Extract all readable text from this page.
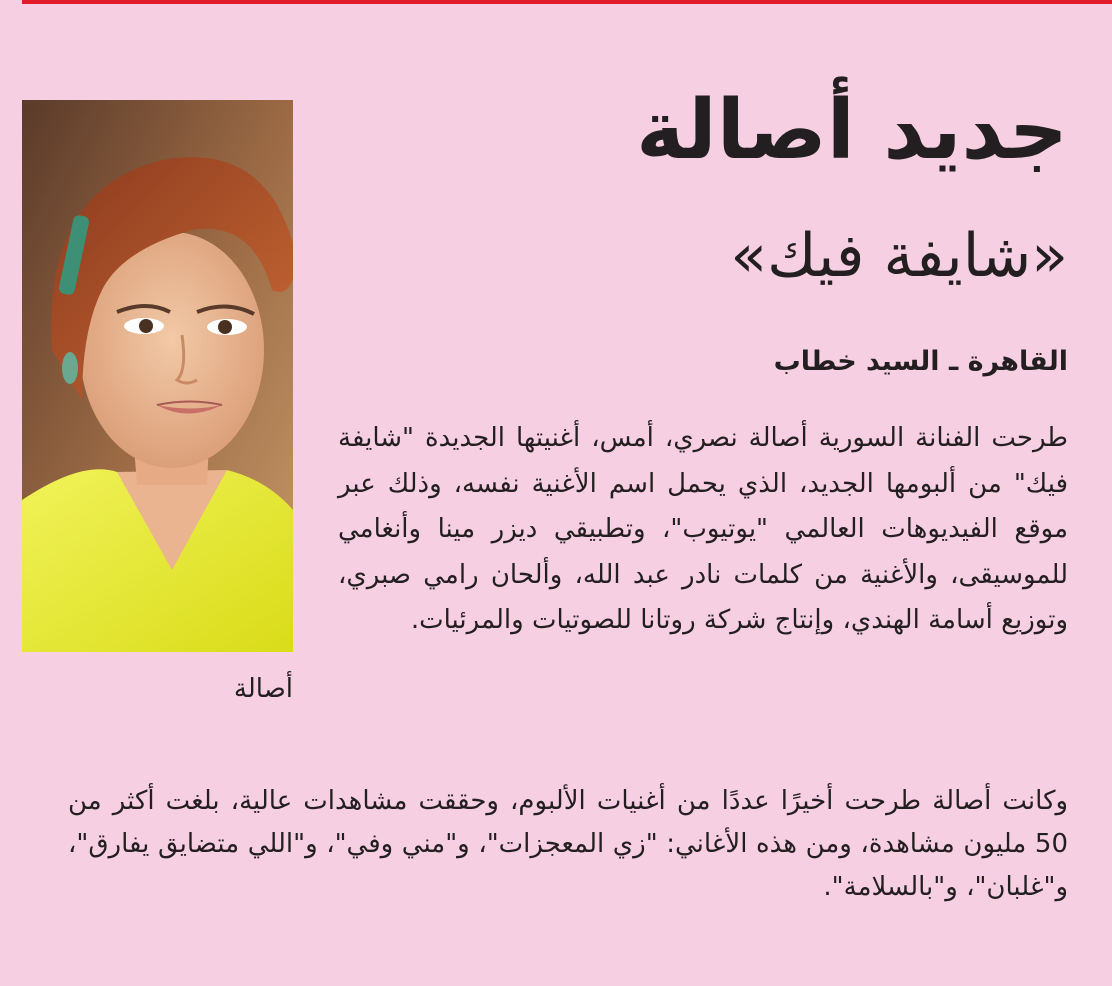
أصالة
جديد أصالة
«شايفة فيك»
القاهرة ـ السيد خطاب

طرحت الفنانة السورية أصالة نصري، أمس، أغنيتها الجديدة "شايفة فيك" من ألبومها الجديد، الذي يحمل اسم الأغنية نفسه، وذلك عبر موقع الفيديوهات العالمي "يوتيوب"، وتطبيقي ديزر مينا وأنغامي للموسيقى، والأغنية من كلمات نادر عبد الله، وألحان رامي صبري، وتوزيع أسامة الهندي، وإنتاج شركة روتانا للصوتيات والمرئيات.

وكانت أصالة طرحت أخيرًا عددًا من أغنيات الألبوم، وحققت مشاهدات عالية، بلغت أكثر من 50 مليون مشاهدة، ومن هذه الأغاني: "زي المعجزات"، و"مني وفي"، و"اللي متضايق يفارق"، و"غلبان"، و"بالسلامة".
